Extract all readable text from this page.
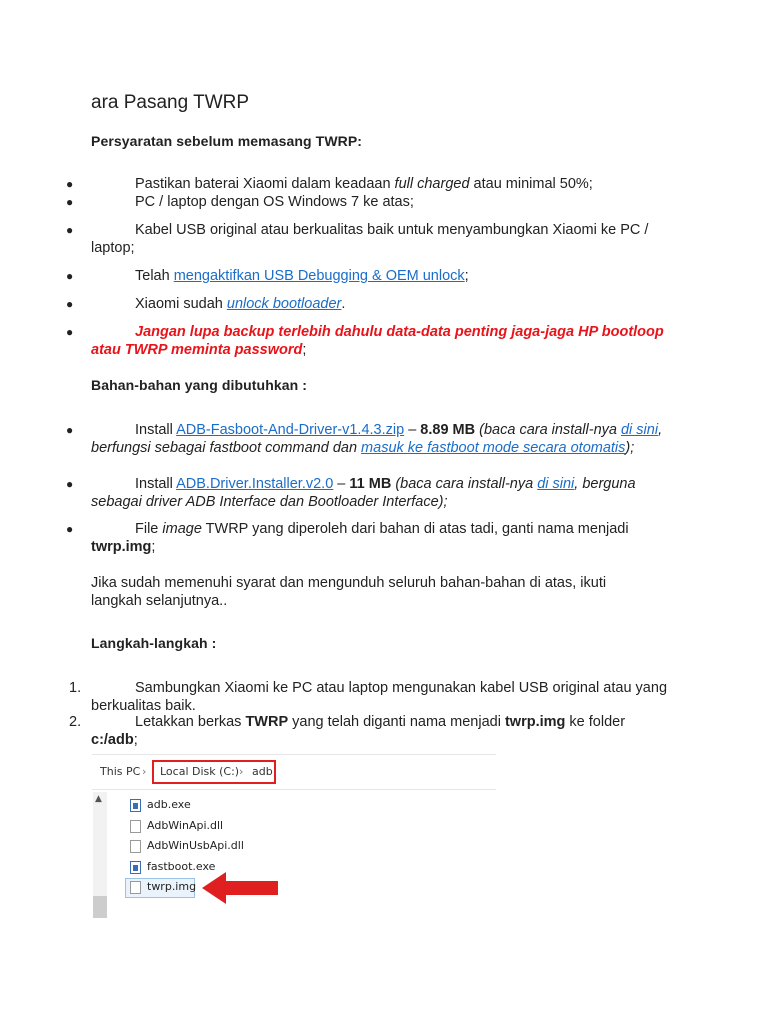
ara Pasang TWRP
Persyaratan sebelum memasang TWRP:
●	Pastikan baterai Xiaomi dalam keadaan full charged atau minimal 50%;
●	PC / laptop dengan OS Windows 7 ke atas;
●	Kabel USB original atau berkualitas baik untuk menyambungkan Xiaomi ke PC / laptop;
●	Telah mengaktifkan USB Debugging & OEM unlock;
●	Xiaomi sudah unlock bootloader.
●	Jangan lupa backup terlebih dahulu data-data penting jaga-jaga HP bootloop atau TWRP meminta password;
Bahan-bahan yang dibutuhkan :
●	Install ADB-Fasboot-And-Driver-v1.4.3.zip – 8.89 MB (baca cara install-nya di sini, berfungsi sebagai fastboot command dan masuk ke fastboot mode secara otomatis);
●	Install ADB.Driver.Installer.v2.0 – 11 MB (baca cara install-nya di sini, berguna sebagai driver ADB Interface dan Bootloader Interface);
●	File image TWRP yang diperoleh dari bahan di atas tadi, ganti nama menjadi twrp.img;
Jika sudah memenuhi syarat dan mengunduh seluruh bahan-bahan di atas, ikuti langkah selanjutnya..
Langkah-langkah :
1.	Sambungkan Xiaomi ke PC atau laptop mengunakan kabel USB original atau yang berkualitas baik.
2.	Letakkan berkas TWRP yang telah diganti nama menjadi twrp.img ke folder c:/adb;
This PC › Local Disk (C:) › adb
▲	adb.exe
AdbWinApi.dll
AdbWinUsbApi.dll
fastboot.exe
twrp.img
